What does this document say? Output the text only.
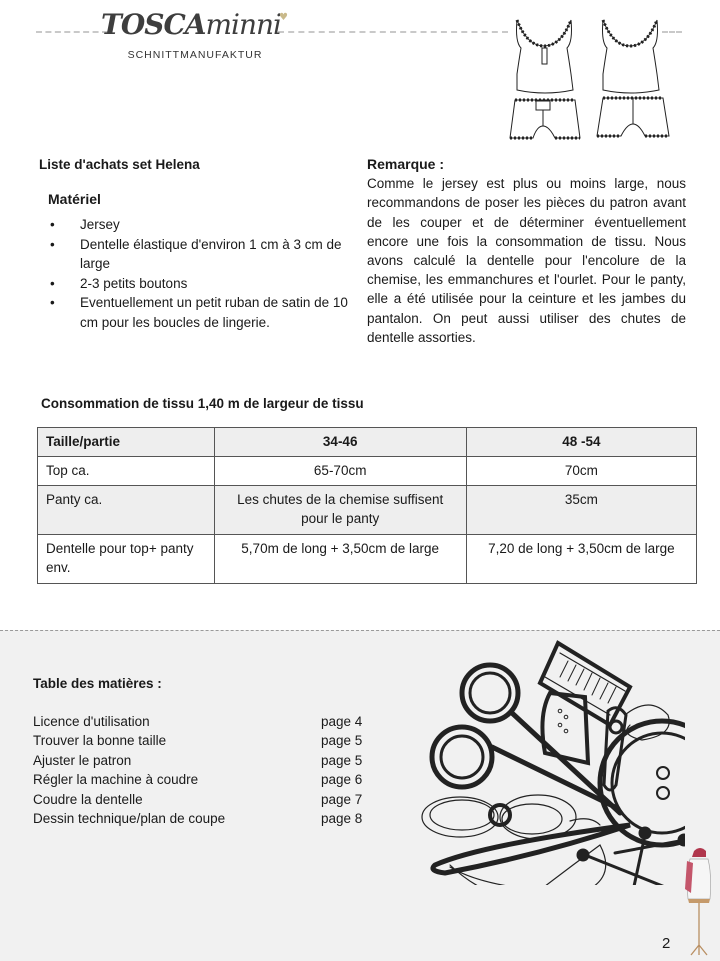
TOSCAminni♥
SCHNITTMANUFAKTUR
Liste d'achats set Helena
Matériel
• Jersey
• Dentelle élastique d'environ 1 cm à 3 cm de large
• 2-3 petits boutons
• Eventuellement un petit ruban de satin de 10 cm pour les boucles de lingerie.
Remarque :
Comme le jersey est plus ou moins large, nous recommandons de poser les pièces du patron avant de les couper et de déterminer éventuellement encore une fois la consommation de tissu. Nous avons calculé la dentelle pour l'encolure de la chemise, les emmanchures et l'ourlet. Pour le panty, elle a été utilisée pour la ceinture et les jambes du pantalon. On peut aussi utiliser des chutes de dentelle assorties.
Consommation de tissu 1,40 m de largeur de tissu
Taille/partie	34-46	48 -54
Top ca.	65-70cm	70cm
Panty ca.	Les chutes de la chemise suffisent pour le panty	35cm
Dentelle pour top+ panty env.	5,70m de long + 3,50cm de large	7,20 de long + 3,50cm de large
Table des matières :
Licence d'utilisation	page 4
Trouver la bonne taille	page 5
Ajuster le patron	page 5
Régler la machine à coudre	page 6
Coudre la dentelle	page 7
Dessin technique/plan de coupe	page 8
2
